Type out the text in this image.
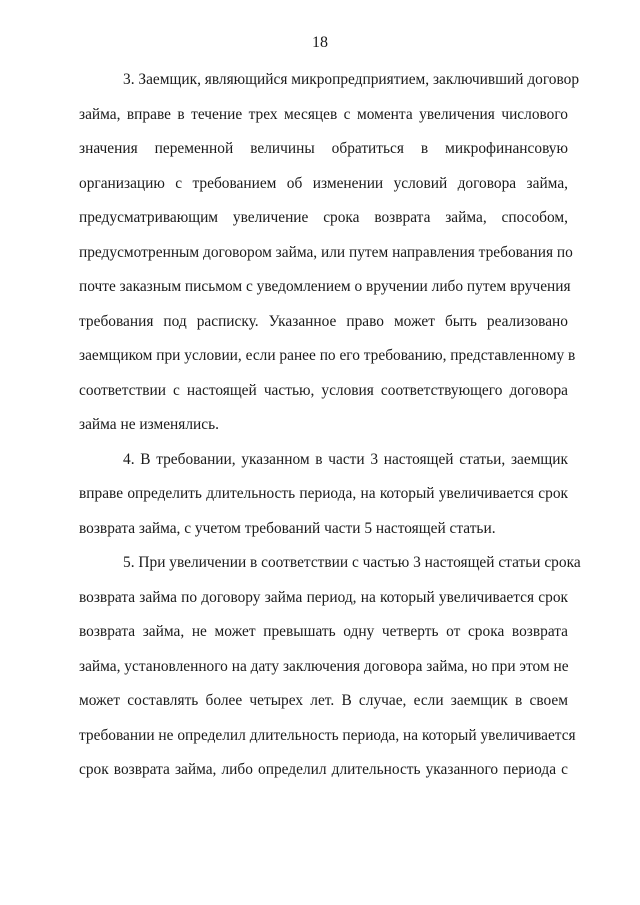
18
3. Заемщик, являющийся микропредприятием, заключивший договор
займа, вправе в течение трех месяцев с момента увеличения числового
значения переменной величины обратиться в микрофинансовую
организацию с требованием об изменении условий договора займа,
предусматривающим увеличение срока возврата займа, способом,
предусмотренным договором займа, или путем направления требования по
почте заказным письмом с уведомлением о вручении либо путем вручения
требования под расписку. Указанное право может быть реализовано
заемщиком при условии, если ранее по его требованию, представленному в
соответствии с настоящей частью, условия соответствующего договора
займа не изменялись.
4. В требовании, указанном в части 3 настоящей статьи, заемщик
вправе определить длительность периода, на который увеличивается срок
возврата займа, с учетом требований части 5 настоящей статьи.
5. При увеличении в соответствии с частью 3 настоящей статьи срока
возврата займа по договору займа период, на который увеличивается срок
возврата займа, не может превышать одну четверть от срока возврата
займа, установленного на дату заключения договора займа, но при этом не
может составлять более четырех лет. В случае, если заемщик в своем
требовании не определил длительность периода, на который увеличивается
срок возврата займа, либо определил длительность указанного периода с
